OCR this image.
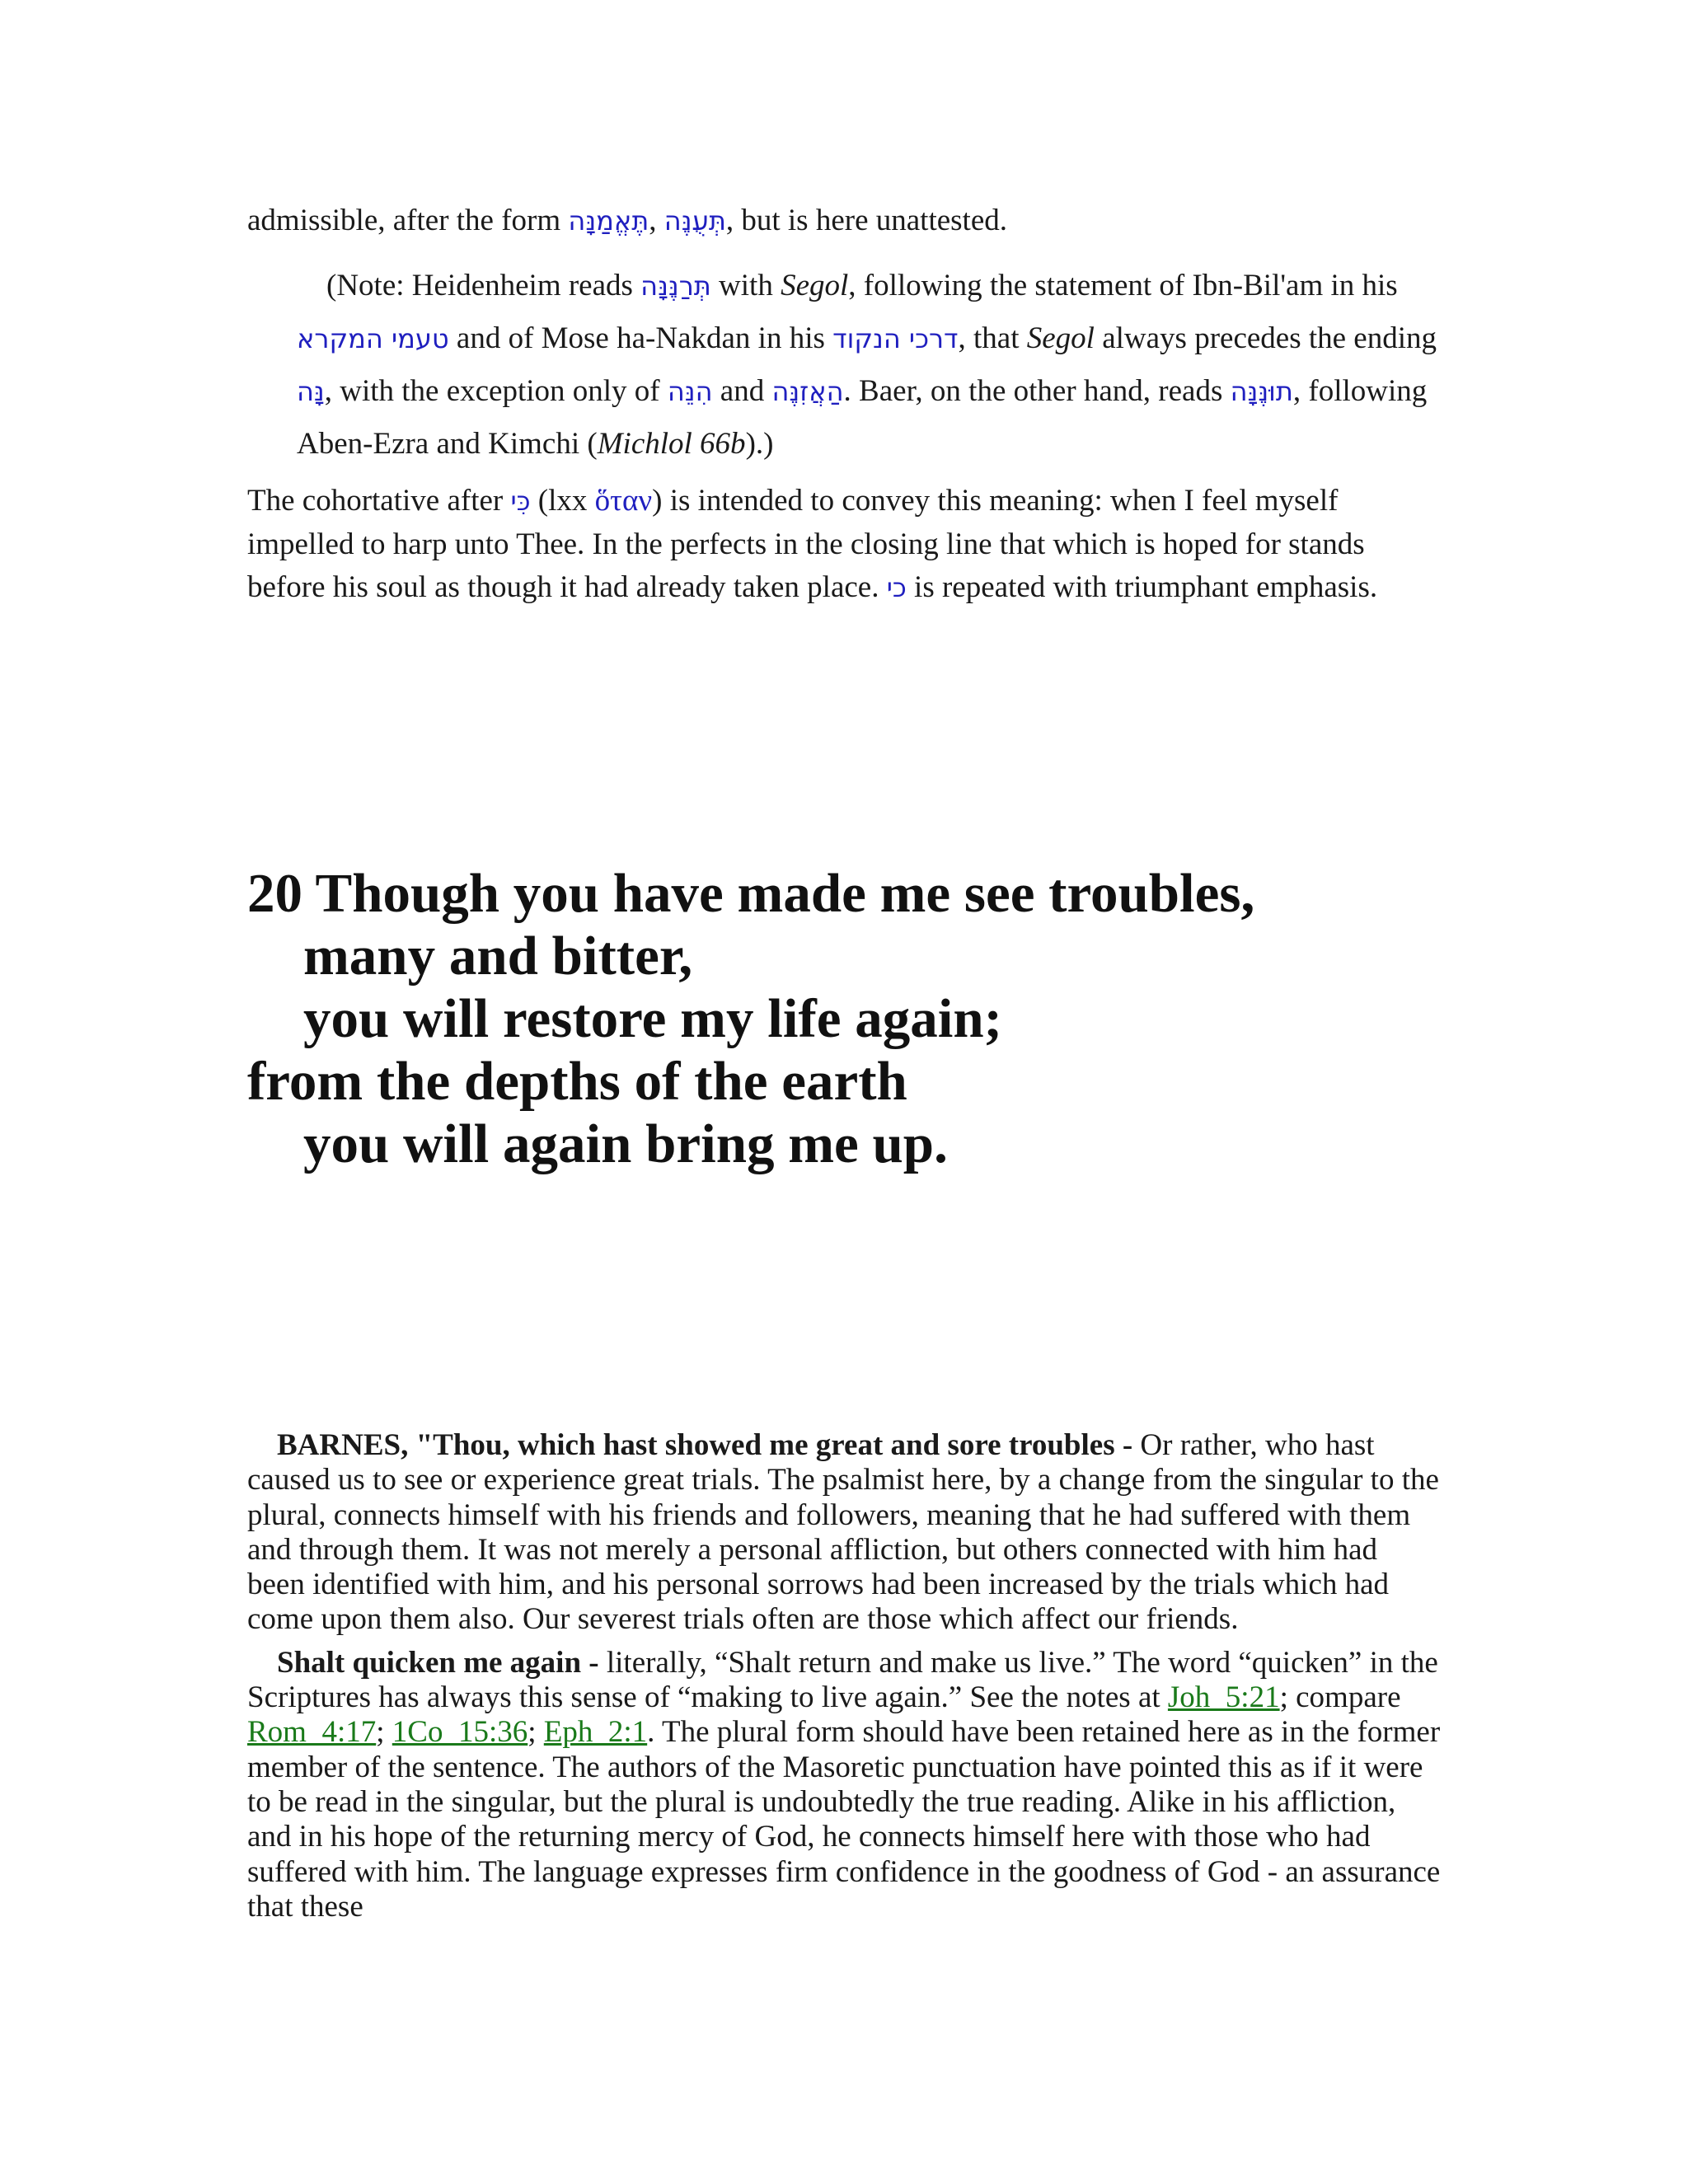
admissible, after the form תֶּאֱמַנָּה, תְּעֻנֶּה, but is here unattested.

(Note: Heidenheim reads תְּרַנֶּנָּה with Segol, following the statement of Ibn-Bil'am in his טעמי המקרא and of Mose ha-Nakdan in his דרכי הנקוד, that Segol always precedes the ending נָּה, with the exception only of הִנֵּה and הַאֲזִנֶּה. Baer, on the other hand, reads תוּנֶּנָּה, following Aben-Ezra and Kimchi (Michlol 66b).)

The cohortative after כִּי (lxx ὅταν) is intended to convey this meaning: when I feel myself impelled to harp unto Thee. In the perfects in the closing line that which is hoped for stands before his soul as though it had already taken place. כי is repeated with triumphant emphasis.

20 Though you have made me see troubles,
many and bitter,
you will restore my life again;
from the depths of the earth
you will again bring me up.

BARNES, "Thou, which hast showed me great and sore troubles - Or rather, who hast caused us to see or experience great trials. The psalmist here, by a change from the singular to the plural, connects himself with his friends and followers, meaning that he had suffered with them and through them. It was not merely a personal affliction, but others connected with him had been identified with him, and his personal sorrows had been increased by the trials which had come upon them also. Our severest trials often are those which affect our friends.

Shalt quicken me again - literally, “Shalt return and make us live.” The word “quicken” in the Scriptures has always this sense of “making to live again.” See the notes at Joh_5:21; compare Rom_4:17; 1Co_15:36; Eph_2:1. The plural form should have been retained here as in the former member of the sentence. The authors of the Masoretic punctuation have pointed this as if it were to be read in the singular, but the plural is undoubtedly the true reading. Alike in his affliction, and in his hope of the returning mercy of God, he connects himself here with those who had suffered with him. The language expresses firm confidence in the goodness of God - an assurance that these
